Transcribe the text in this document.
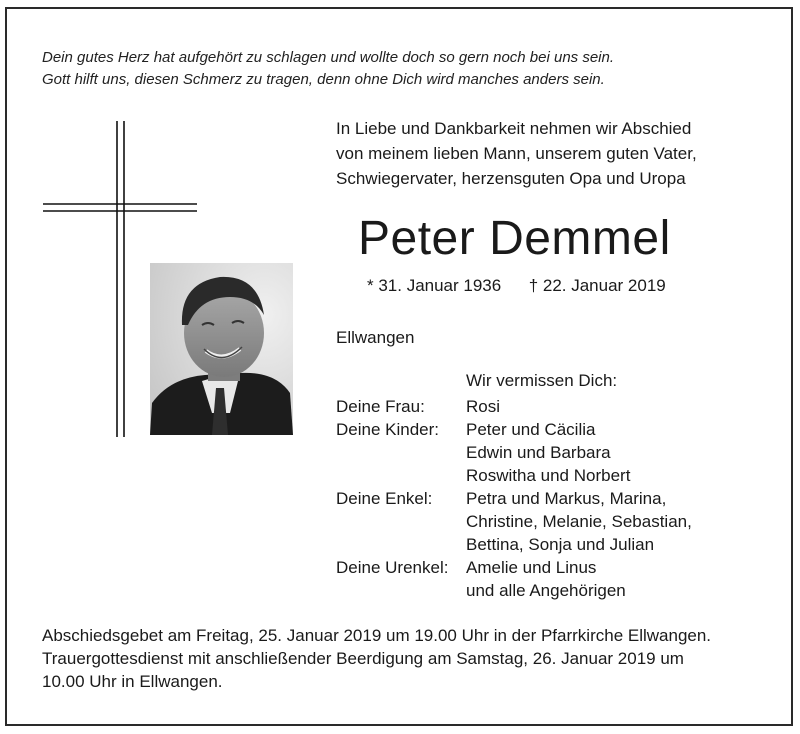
Dein gutes Herz hat aufgehört zu schlagen und wollte doch so gern noch bei uns sein.
Gott hilft uns, diesen Schmerz zu tragen, denn ohne Dich wird manches anders sein.
In Liebe und Dankbarkeit nehmen wir Abschied
von meinem lieben Mann, unserem guten Vater,
Schwiegervater, herzensguten Opa und Uropa
Peter Demmel
* 31. Januar 1936 † 22. Januar 2019
Ellwangen
Wir vermissen Dich:
Deine Frau:	Rosi
Deine Kinder:	Peter und Cäcilia
Edwin und Barbara
Roswitha und Norbert
Deine Enkel:	Petra und Markus, Marina,
Christine, Melanie, Sebastian,
Bettina, Sonja und Julian
Deine Urenkel:	Amelie und Linus
und alle Angehörigen
Abschiedsgebet am Freitag, 25. Januar 2019 um 19.00 Uhr in der Pfarrkirche Ellwangen.
Trauergottesdienst mit anschließender Beerdigung am Samstag, 26. Januar 2019 um
10.00 Uhr in Ellwangen.
